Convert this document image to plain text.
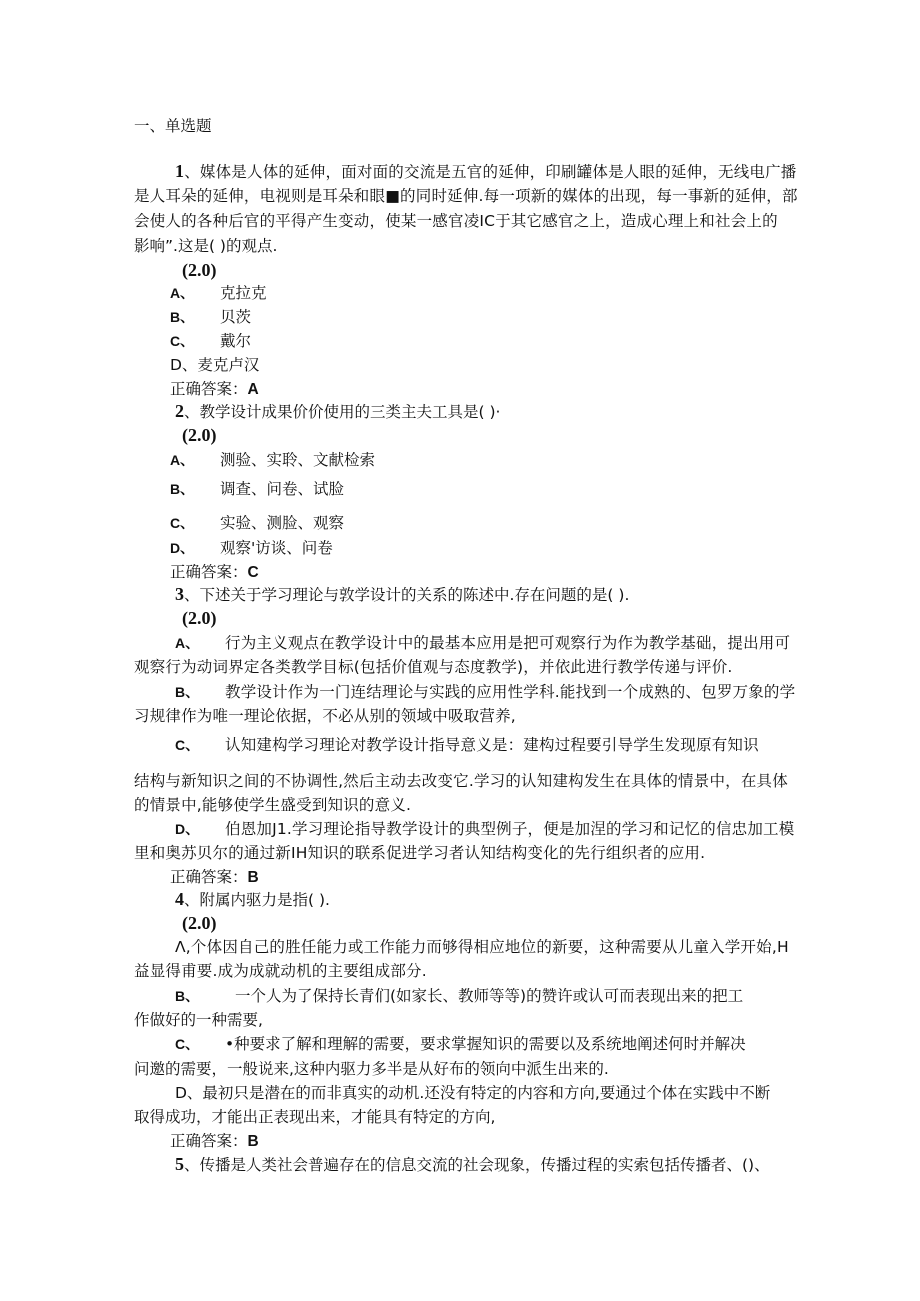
一、单选题
1、媒体是人体的延伸，面对面的交流是五官的延伸，印刷罐体是人眼的延伸，无线电广播
是人耳朵的延伸，电视则是耳朵和眼■的同时延伸.每一项新的媒体的出现，每一事新的延伸，部
会使人的各种后官的平得产生变动，使某一感官凌IC于其它感官之上，造成心理上和社会上的
影响”.这是( )的观点.
(2.0)
A、 克拉克
B、 贝茨
C、 戴尔
D、麦克卢汉
正确答案：A
2、教学设计成果价价使用的三类主夫工具是( )·
(2.0)
A、 测验、实聆、文献检索
B、 调查、问卷、试脸
C、 实验、测脸、观察
D、 观察'访谈、问卷
正确答案：C
3、下述关于学习理论与敦学设计的关系的陈述中.存在问题的是( ).
(2.0)
A、 行为主义观点在教学设计中的最基本应用是把可观察行为作为教学基础，提出用可
观察行为动词界定各类教学目标(包括价值观与态度教学)，并依此进行教学传递与评价.
B、 教学设计作为一门连结理论与实践的应用性学科.能找到一个成熟的、包罗万象的学
习规律作为唯一理论依据，不必从别的领域中吸取营养,
C、 认知建构学习理论对教学设计指导意义是：建构过程要引导学生发现原有知识
结构与新知识之间的不协调性,然后主动去改变它.学习的认知建构发生在具体的情景中，在具体
的情景中,能够使学生盛受到知识的意义.
D、 伯恩加J1.学习理论指导教学设计的典型例子，便是加涅的学习和记忆的信忠加工模
里和奥苏贝尔的通过新IH知识的联系促进学习者认知结构变化的先行组织者的应用.
正确答案：B
4、附属内驱力是指( ).
(2.0)
Λ,个体因自己的胜任能力或工作能力而够得相应地位的新要，这种需要从儿童入学开始,H
益显得甫要.成为成就动机的主要组成部分.
B、 一个人为了保持长青们(如家长、教师等等)的赞许或认可而表现出来的把工
作做好的一种需要,
C、 •种要求了解和理解的需要，要求掌握知识的需要以及系统地阐述何时并解决
问邀的需要，一般说来,这种内驱力多半是从好布的领向中派生出来的.
D、最初只是潜在的而非真实的动机.还没有特定的内容和方向,要通过个体在实践中不断
取得成功，才能出正表现出来，才能具有特定的方向,
正确答案：B
5、传播是人类社会普遍存在的信息交流的社会现象，传播过程的实索包括传播者、()、
